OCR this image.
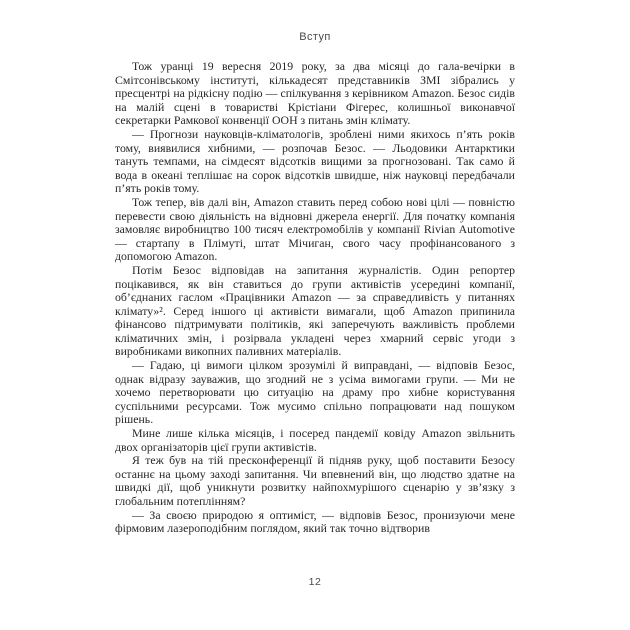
Вступ

Тож уранці 19 вересня 2019 року, за два місяці до гала-вечірки в Смітсонівському інституті, кількадесят представників ЗМІ зібрались у пресцентрі на рідкісну подію — спілкування з керівником Amazon. Безос сидів на малій сцені в товаристві Крістіани Фігерес, колишньої виконавчої секретарки Рамкової конвенції ООН з питань змін клімату.

— Прогнози науковців-кліматологів, зроблені ними якихось п’ять років тому, виявилися хибними, — розпочав Безос. — Льодовики Антарктики тануть темпами, на сімдесят відсотків вищими за прогнозовані. Так само й вода в океані теплішає на сорок відсотків швидше, ніж науковці передбачали п’ять років тому.

Тож тепер, вів далі він, Amazon ставить перед собою нові цілі — повністю перевести свою діяльність на відновні джерела енергії. Для початку компанія замовляє виробництво 100 тисяч електромобілів у компанії Rivian Automotive — стартапу в Плімуті, штат Мічиган, свого часу профінансованого з допомогою Amazon.

Потім Безос відповідав на запитання журналістів. Один репортер поцікавився, як він ставиться до групи активістів усередині компанії, об’єднаних гаслом «Працівники Amazon — за справедливість у питаннях клімату»². Серед іншого ці активісти вимагали, щоб Amazon припинила фінансово підтримувати політиків, які заперечують важливість проблеми кліматичних змін, і розірвала укладені через хмарний сервіс угоди з виробниками викопних паливних матеріалів.

— Гадаю, ці вимоги цілком зрозумілі й виправдані, — відповів Безос, однак відразу зауважив, що згодний не з усіма вимогами групи. — Ми не хочемо перетворювати цю ситуацію на драму про хибне користування суспільними ресурсами. Тож мусимо спільно попрацювати над пошуком рішень.

Мине лише кілька місяців, і посеред пандемії ковіду Amazon звільнить двох організаторів цієї групи активістів.

Я теж був на тій пресконференції й підняв руку, щоб поставити Безосу останнє на цьому заході запитання. Чи впевнений він, що людство здатне на швидкі дії, щоб уникнути розвитку найпохмурішого сценарію у зв’язку з глобальним потеплінням?

— За своєю природою я оптиміст, — відповів Безос, пронизуючи мене фірмовим лазероподібним поглядом, який так точно відтворив

12
